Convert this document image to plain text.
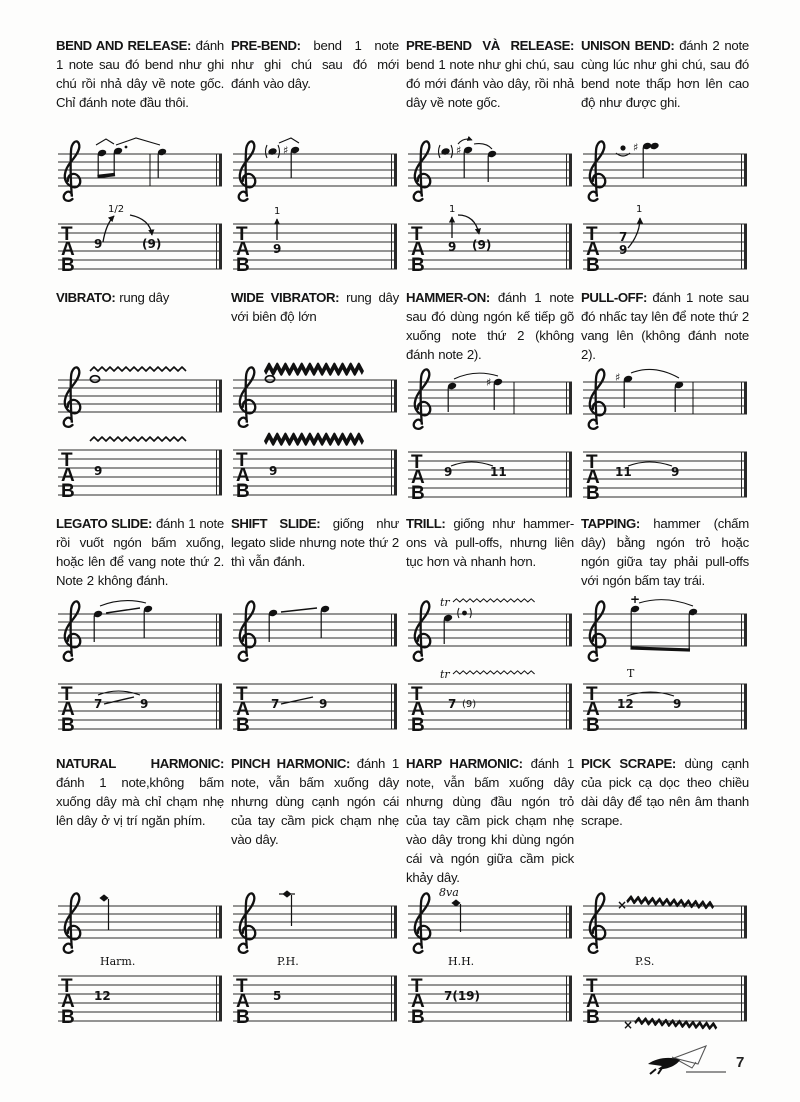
BEND AND RELEASE: đánh 1 note sau đó bend như ghi chú rồi nhả dây về note gốc. Chỉ đánh note đầu thôi.

9
1/2
(9)

PRE-BEND: bend 1 note như ghi chú sau đó mới đánh vào dây.

♯
1
9

PRE-BEND VÀ RELEASE: bend 1 note như ghi chú, sau đó mới đánh vào dây, rồi nhả dây về note gốc.

♯
1
9 (9)

UNISON BEND: đánh 2 note cùng lúc như ghi chú, sau đó bend note thấp hơn lên cao độ như được ghi.

♯
7
9
1

VIBRATO: rung dây

9

WIDE VIBRATOR: rung dây với biên độ lớn

9

HAMMER-ON: đánh 1 note sau đó dùng ngón kế tiếp gõ xuống note thứ 2 (không đánh note 2).

♯
9	11

PULL-OFF: đánh 1 note sau đó nhấc tay lên để note thứ 2 vang lên (không đánh note 2).

♯
11	9

LEGATO SLIDE: đánh 1 note rồi vuốt ngón bấm xuống, hoặc lên để vang note thứ 2. Note 2 không đánh.

7	9

SHIFT SLIDE: giống như legato slide nhưng note thứ 2 thì vẫn đánh.

7	9

TRILL: giống như hammer-ons và pull-offs, nhưng liên tục hơn và nhanh hơn.

tr
tr
7 (9)

TAPPING: hammer (chấm dây) bằng ngón trỏ hoặc ngón giữa tay phải pull-offs với ngón bấm tay trái.

+
T
12	9

NATURAL HARMONIC: đánh 1 note,không bấm xuống dây mà chỉ chạm nhẹ lên dây ở vị trí ngăn phím.

Harm.
12

PINCH HARMONIC: đánh 1 note, vẫn bấm xuống dây nhưng dùng cạnh ngón cái của tay cầm pick chạm nhẹ vào dây.

P.H.
5

HARP HARMONIC: đánh 1 note, vẫn bấm xuống dây nhưng dùng đầu ngón trỏ của tay cầm pick chạm nhẹ vào dây trong khi dùng ngón cái và ngón giữa cầm pick khảy dây.

8va
H.H.
7(19)

PICK SCRAPE: dùng cạnh của pick cạ dọc theo chiều dài dây để tạo nên âm thanh scrape.

×
P.S.
×
7
